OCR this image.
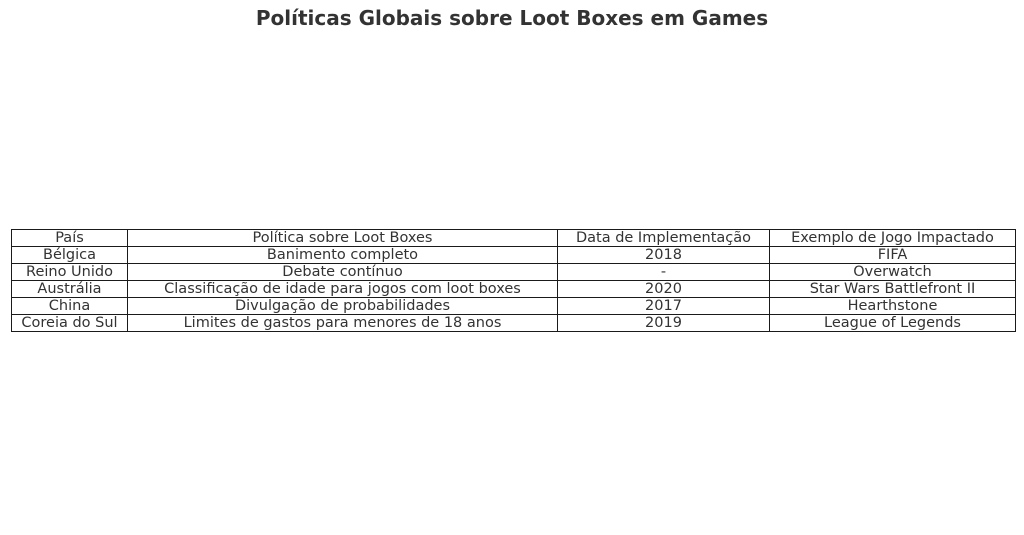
Políticas Globais sobre Loot Boxes em Games
País	Política sobre Loot Boxes	Data de Implementação	Exemplo de Jogo Impactado
Bélgica	Banimento completo	2018	FIFA
Reino Unido	Debate contínuo	-	Overwatch
Austrália	Classificação de idade para jogos com loot boxes	2020	Star Wars Battlefront II
China	Divulgação de probabilidades	2017	Hearthstone
Coreia do Sul	Limites de gastos para menores de 18 anos	2019	League of Legends
